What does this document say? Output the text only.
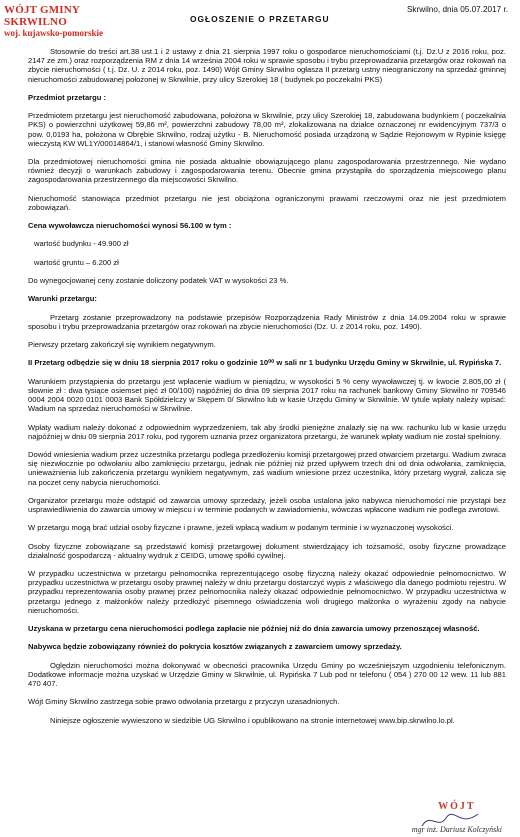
WÓJT GMINY SKRWILNO
woj. kujawsko-pomorskie
Skrwilno, dnia 05.07.2017 r.
OGŁOSZENIE O PRZETARGU

Stosownie do treści art.38 ust.1 i 2 ustawy z dnia 21 sierpnia 1997 roku o gospodarce nieruchomościami (t.j. Dz.U z 2016 roku, poz. 2147 ze zm.) oraz rozporządzenia RM z dnia 14 września 2004 roku w sprawie sposobu i trybu przeprowadzania przetargów oraz rokowań na zbycie nieruchomości ( t.j. Dz. U. z 2014 roku, poz. 1490) Wójt Gminy Skrwilno ogłasza II przetarg ustny nieograniczony na sprzedaż gminnej nieruchomości zabudowanej położonej w Skrwilnie, przy ulicy Szerokiej 18 ( budynek po poczekalni PKS)

Przedmiot przetargu :

Przedmiotem przetargu jest nieruchomość zabudowana, położona w Skrwilnie, przy ulicy Szerokiej 18, zabudowana budynkiem ( poczekalnia PKS) o powierzchni użytkowej 59,86 m², powierzchni zabudowy 78,00 m², zlokalizowana na działce oznaczonej nr ewidencyjnym 737/3 o pow. 0,0193 ha, położona w Obrębie Skrwilno, rodzaj użytku - B. Nieruchomość posiada urządzoną w Sądzie Rejonowym w Rypinie księgę wieczystą KW WL1Y/00014864/1, i stanowi własność Gminy Skrwilno.

Dla przedmiotowej nieruchomości gmina nie posiada aktualnie obowiązującego planu zagospodarowania przestrzennego. Nie wydano również decyzji o warunkach zabudowy i zagospodarowania terenu. Obecnie gmina przystąpiła do sporządzenia miejscowego planu zagospodarowania przestrzennego dla miejscowości Skrwilno.

Nieruchomość stanowiąca przedmiot przetargu nie jest obciążona ograniczonymi prawami rzeczowymi oraz nie jest przedmiotem zobowiązań.

Cena wywoławcza nieruchomości wynosi 56.100 w tym :

wartość budynku - 49.900 zł

wartość gruntu – 6.200 zł

Do wynegocjowanej ceny zostanie doliczony podatek VAT w wysokości 23 %.

Warunki przetargu:

Przetarg zostanie przeprowadzony na podstawie przepisów Rozporządzenia Rady Ministrów z dnia 14.09.2004 roku w sprawie sposobu i trybu przeprowadzania przetargów oraz rokowań na zbycie nieruchomości (Dz. U. z 2014 roku, poz. 1490).

Pierwszy przetarg zakończył się wynikiem negatywnym.

II Przetarg odbędzie się w dniu 18 sierpnia 2017 roku o godzinie 10⁰⁰ w sali nr 1 budynku Urzędu Gminy w Skrwilnie, ul. Rypińska 7.

Warunkiem przystąpienia do przetargu jest wpłacenie wadium w pieniądzu, w wysokości 5 % ceny wywoławczej tj. w kwocie 2.805,00 zł ( słownie zł : dwa tysiące osiemset pięć zł 00/100) najpóźniej do dnia 09 sierpnia 2017 roku na rachunek bankowy Gminy Skrwilno nr 709546 0004 2004 0020 0101 0003 Bank Spółdzielczy w Skępem 0/ Skrwilno lub w kasie Urzędu Gminy w Skrwilnie. W tytule wpłaty należy wpisać: Wadium na sprzedaż nieruchomości w Skrwilnie.

Wpłaty wadium należy dokonać z odpowiednim wyprzedzeniem, tak aby środki pieniężne znalazły się na ww. rachunku lub w kasie urzędu najpóźniej w dniu 09 sierpnia 2017 roku, pod rygorem uznania przez organizatora przetargu, że warunek wpłaty wadium nie został spełniony.

Dowód wniesienia wadium przez uczestnika przetargu podlega przedłożeniu komisji przetargowej przed otwarciem przetargu. Wadium zwraca się niezwłocznie po odwołaniu albo zamknięciu przetargu, jednak nie później niż przed upływem trzech dni od dnia odwołania, zamknięcia, unieważnienia lub zakończenia przetargu wynikiem negatywnym, zaś wadium wniesione przez uczestnika, który przetarg wygrał, zalicza się na poczet ceny nabycia nieruchomości.

Organizator przetargu może odstąpić od zawarcia umowy sprzedaży, jeżeli osoba ustalona jako nabywca nieruchomości nie przystąpi bez usprawiedliwienia do zawarcia umowy w miejscu i w terminie podanych w zawiadomieniu, wówczas wpłacone wadium nie podlega zwrotowi.

W przetargu mogą brać udział osoby fizyczne i prawne, jeżeli wpłacą wadium w podanym terminie i w wyznaczonej wysokości.

Osoby fizyczne zobowiązane są przedstawić komisji przetargowej dokument stwierdzający ich tożsamość, osoby fizyczne prowadzące działalność gospodarczą - aktualny wydruk z CEIDG, umowę spółki cywilnej.

W przypadku uczestnictwa w przetargu pełnomocnika reprezentującego osobę fizyczną należy okazać odpowiednie pełnomocnictwo. W przypadku uczestnictwa w przetargu osoby prawnej należy w dniu przetargu dostarczyć wypis z właściwego dla danego podmiotu rejestru. W przypadku reprezentowania osoby prawnej przez pełnomocnika należy okazać odpowiednie pełnomocnictwo. W przypadku uczestnictwa w przetargu jednego z małżonków należy przedłożyć pisemnego oświadczenia woli drugiego małżonka o wyrażeniu zgody na nabycie nieruchomości.

Uzyskana w przetargu cena nieruchomości podlega zapłacie nie później niż do dnia zawarcia umowy przenoszącej własność.

Nabywca będzie zobowiązany również do pokrycia kosztów związanych z zawarciem umowy sprzedaży.

Oględzin nieruchomości można dokonywać w obecności pracownika Urzędu Gminy po wcześniejszym uzgodnieniu telefonicznym. Dodatkowe informacje można uzyskać w Urzędzie Gminy w Skrwilnie, ul. Rypińska 7 Lub pod nr telefonu ( 054 ) 270 00 12 wew. 11 lub 881 470 407.

Wójt Gminy Skrwilno zastrzega sobie prawo odwołania przetargu z przyczyn uzasadnionych.

Niniejsze ogłoszenie wywieszono w siedzibie UG Skrwilno i opublikowano na stronie internetowej www.bip.skrwilno.lo.pl.

WÓJT
mgr inż. Dariusz Kolczyński
